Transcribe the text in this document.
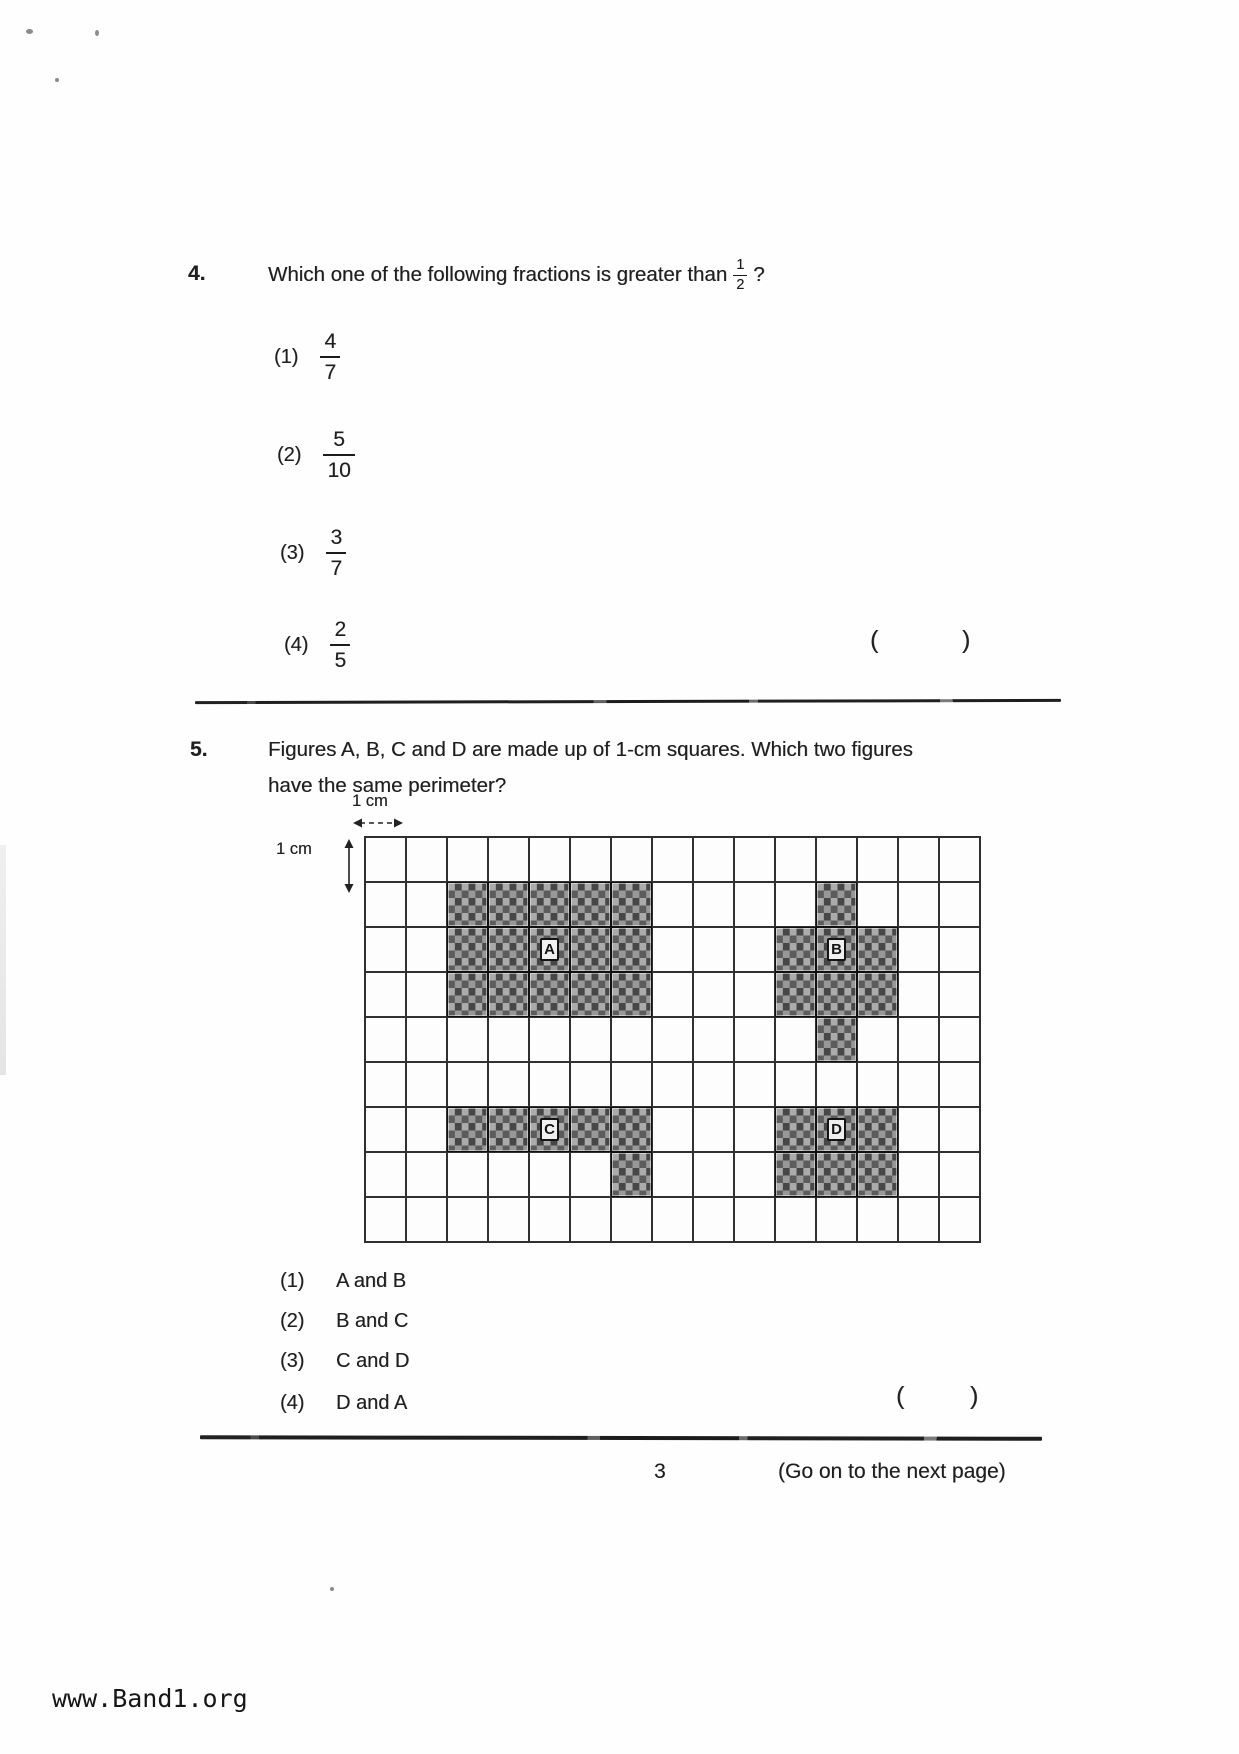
4.	Which one of the following fractions is greater than $\frac{1}{2}$ ?
$(1) \frac{4}{7}$
$(2) \frac{5}{10}$
$(3) \frac{3}{7}$
$(4) \frac{2}{5}$	(	)
5.	Figures A, B, C and D are made up of 1-cm squares. Which two figures
have the same perimeter?
1 cm
1 cm
A	B
C	D
(1)	A and B
(2)	B and C
(3)	C and D
(4)	D and A	(	)
3	(Go on to the next page)
www.Band1.org
